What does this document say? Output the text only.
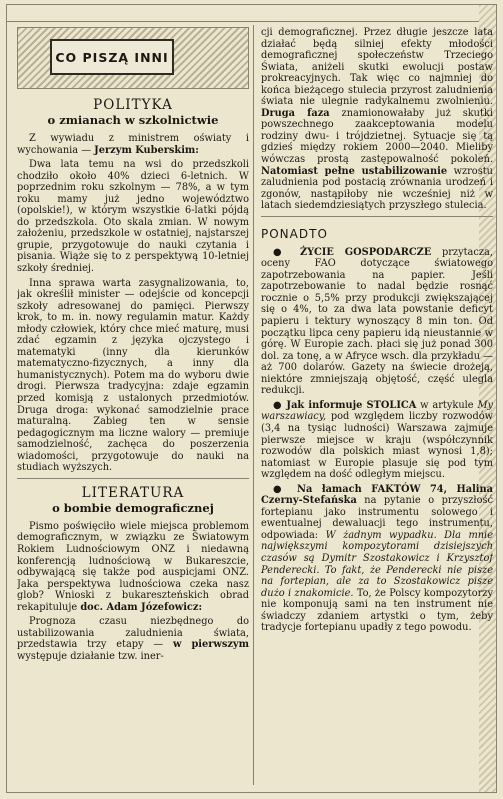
CO PISZĄ INNI
POLITYKA
o zmianach w szkolnictwie

Z wywiadu z ministrem oświaty i wychowania — Jerzym Kuberskim:

Dwa lata temu na wsi do przedszkoli chodziło około 40% dzieci 6-letnich. W poprzednim roku szkolnym — 78%, a w tym roku mamy już jedno województwo (opolskie!), w którym wszystkie 6-latki pójdą do przedszkola. Oto skala zmian. W nowym założeniu, przedszkole w ostatniej, najstarszej grupie, przygotowuje do nauki czytania i pisania. Wiąże się to z perspektywą 10-letniej szkoły średniej.

Inna sprawa warta zasygnalizowania, to, jak określił minister — odejście od koncepcji szkoły adresowanej do pamięci. Pierwszy krok, to m. in. nowy regulamin matur. Każdy młody człowiek, który chce mieć maturę, musi zdać egzamin z języka ojczystego i matematyki (inny dla kierunków matematyczno-fizycznych, a inny dla humanistycznych). Potem ma do wyboru dwie drogi. Pierwsza tradycyjna: zdaje egzamin przed komisją z ustalonych przedmiotów. Druga droga: wykonać samodzielnie prace maturalną. Zabieg ten w sensie pedagogicznym ma liczne walory — premiuje samodzielność, zachęca do poszerzenia wiadomości, przygotowuje do nauki na studiach wyższych.

LITERATURA
o bombie demograficznej

Pismo poświęciło wiele miejsca problemom demograficznym, w związku ze Światowym Rokiem Ludnościowym ONZ i niedawną konferencją ludnościową w Bukareszcie, odbywającą się także pod auspicjami ONZ. Jaka perspektywa ludnościowa czeka nasz glob? Wnioski z bukareszteńskich obrad rekapituluje doc. Adam Józefowicz:

Prognoza czasu niezbędnego do ustabilizowania zaludnienia świata, przedstawia trzy etapy — w pierwszym występuje działanie tzw. iner-

cji demograficznej. Przez długie jeszcze lata działać będą silniej efekty młodości demograficznej społeczeństw Trzeciego Świata, aniżeli skutki ewolucji postaw prokreacyjnych. Tak więc co najmniej do końca bieżącego stulecia przyrost zaludnienia świata nie ulegnie radykalnemu zwolnieniu. Druga faza znamionowałaby już skutki powszechnego zaakceptowania modelu rodziny dwu- i trójdzietnej. Sytuacje się tą gdzieś między rokiem 2000—2040. Mieliby wówczas prostą zastępowalność pokoleń. Natomiast pełne ustabilizowanie wzrostu zaludnienia pod postacią zrównania urodzeń i zgonów, nastąpiłoby nie wcześniej niż w latach siedemdziesiątych przyszłego stulecia.

PONADTO

● ŻYCIE GOSPODARCZE przytacza, oceny FAO dotyczące światowego zapotrzebowania na papier. Jeśli zapotrzebowanie to nadal będzie rosnąć rocznie o 5,5% przy produkcji zwiększającej się o 4%, to za dwa lata powstanie deficyt papieru i tektury wynoszący 8 min ton. Od początku lipca ceny papieru idą nieustannie w górę. W Europie zach. płaci się już ponad 300 dol. za tonę, a w Afryce wsch. dla przykładu — aż 700 dolarów. Gazety na świecie drożeją, niektóre zmniejszają objętość, część ulegla redukcji.

● Jak informuje STOLICA w artykule My warszawiacy, pod względem liczby rozwodów (3,4 na tysiąc ludności) Warszawa zajmuje pierwsze miejsce w kraju (współczynnik rozwodów dla polskich miast wynosi 1,8); natomiast w Europie plasuje się pod tym względem na dość odległym miejscu.

● Na łamach FAKTÓW 74, Halina Czerny-Stefańska na pytanie o przyszłość fortepianu jako instrumentu solowego i ewentualnej dewaluacji tego instrumentu, odpowiada: W żadnym wypadku. Dla mnie największymi kompozytorami dzisiejszych czasów są Dymitr Szostakowicz i Krzysztof Penderecki. To fakt, że Penderecki nie pisze na fortepian, ale za to Szostakowicz pisze dużo i znakomicie. To, że Polscy kompozytorzy nie komponują sami na ten instrument nie świadczy zdaniem artystki o tym, żeby tradycje fortepianu upadły z tego powodu.
